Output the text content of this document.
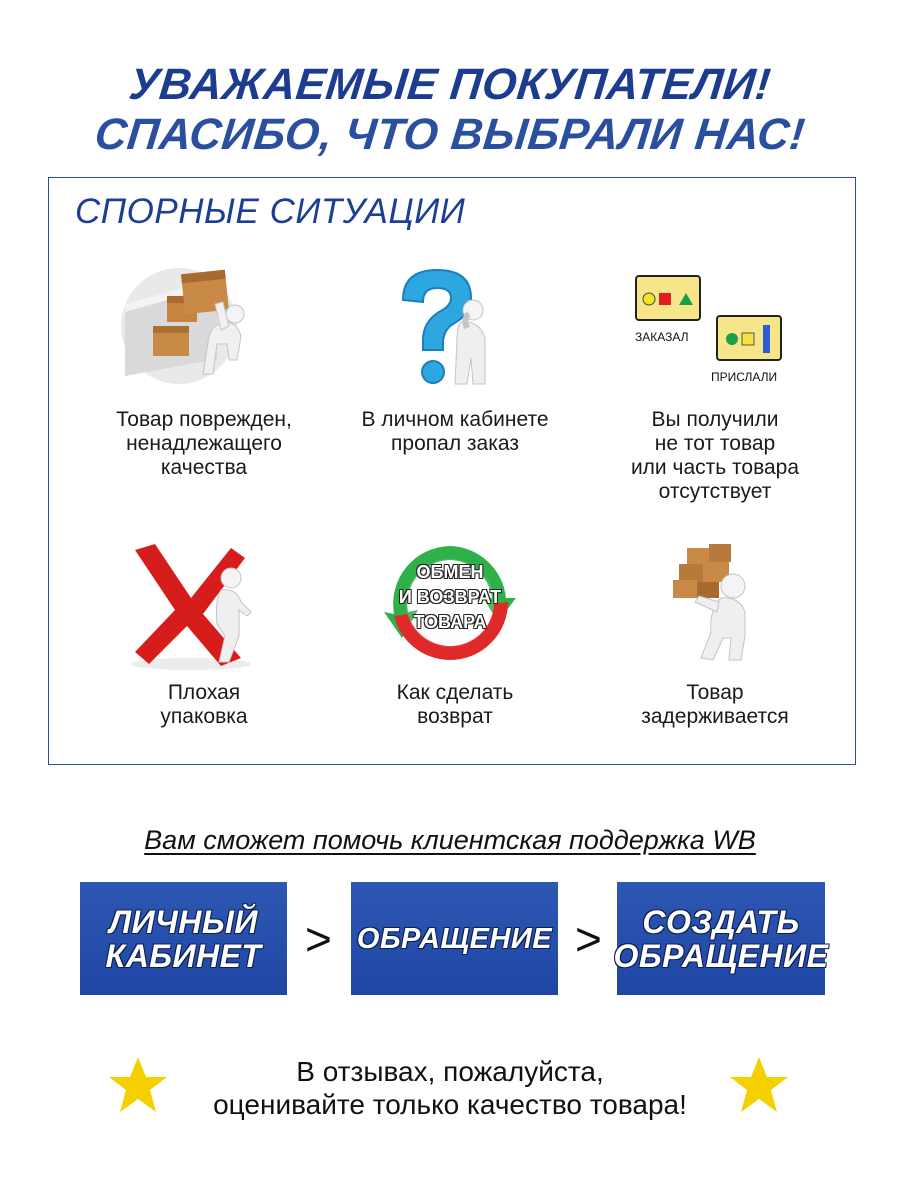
УВАЖАЕМЫЕ ПОКУПАТЕЛИ!
СПАСИБО, ЧТО ВЫБРАЛИ НАС!
СПОРНЫЕ СИТУАЦИИ
Товар поврежден,
ненадлежащего
качества
В личном кабинете
пропал заказ
ЗАКАЗАЛ
ПРИСЛАЛИ
Вы получили
не тот товар
или часть товара
отсутствует
Плохая
упаковка
ОБМЕН
И ВОЗВРАТ
ТОВАРА
Как сделать
возврат
Товар
задерживается
Вам сможет помочь клиентская поддержка WB
ЛИЧНЫЙ
КАБИНЕТ > ОБРАЩЕНИЕ >	СОЗДАТЬ
ОБРАЩЕНИЕ
В отзывах, пожалуйста,
оценивайте только качество товара!
